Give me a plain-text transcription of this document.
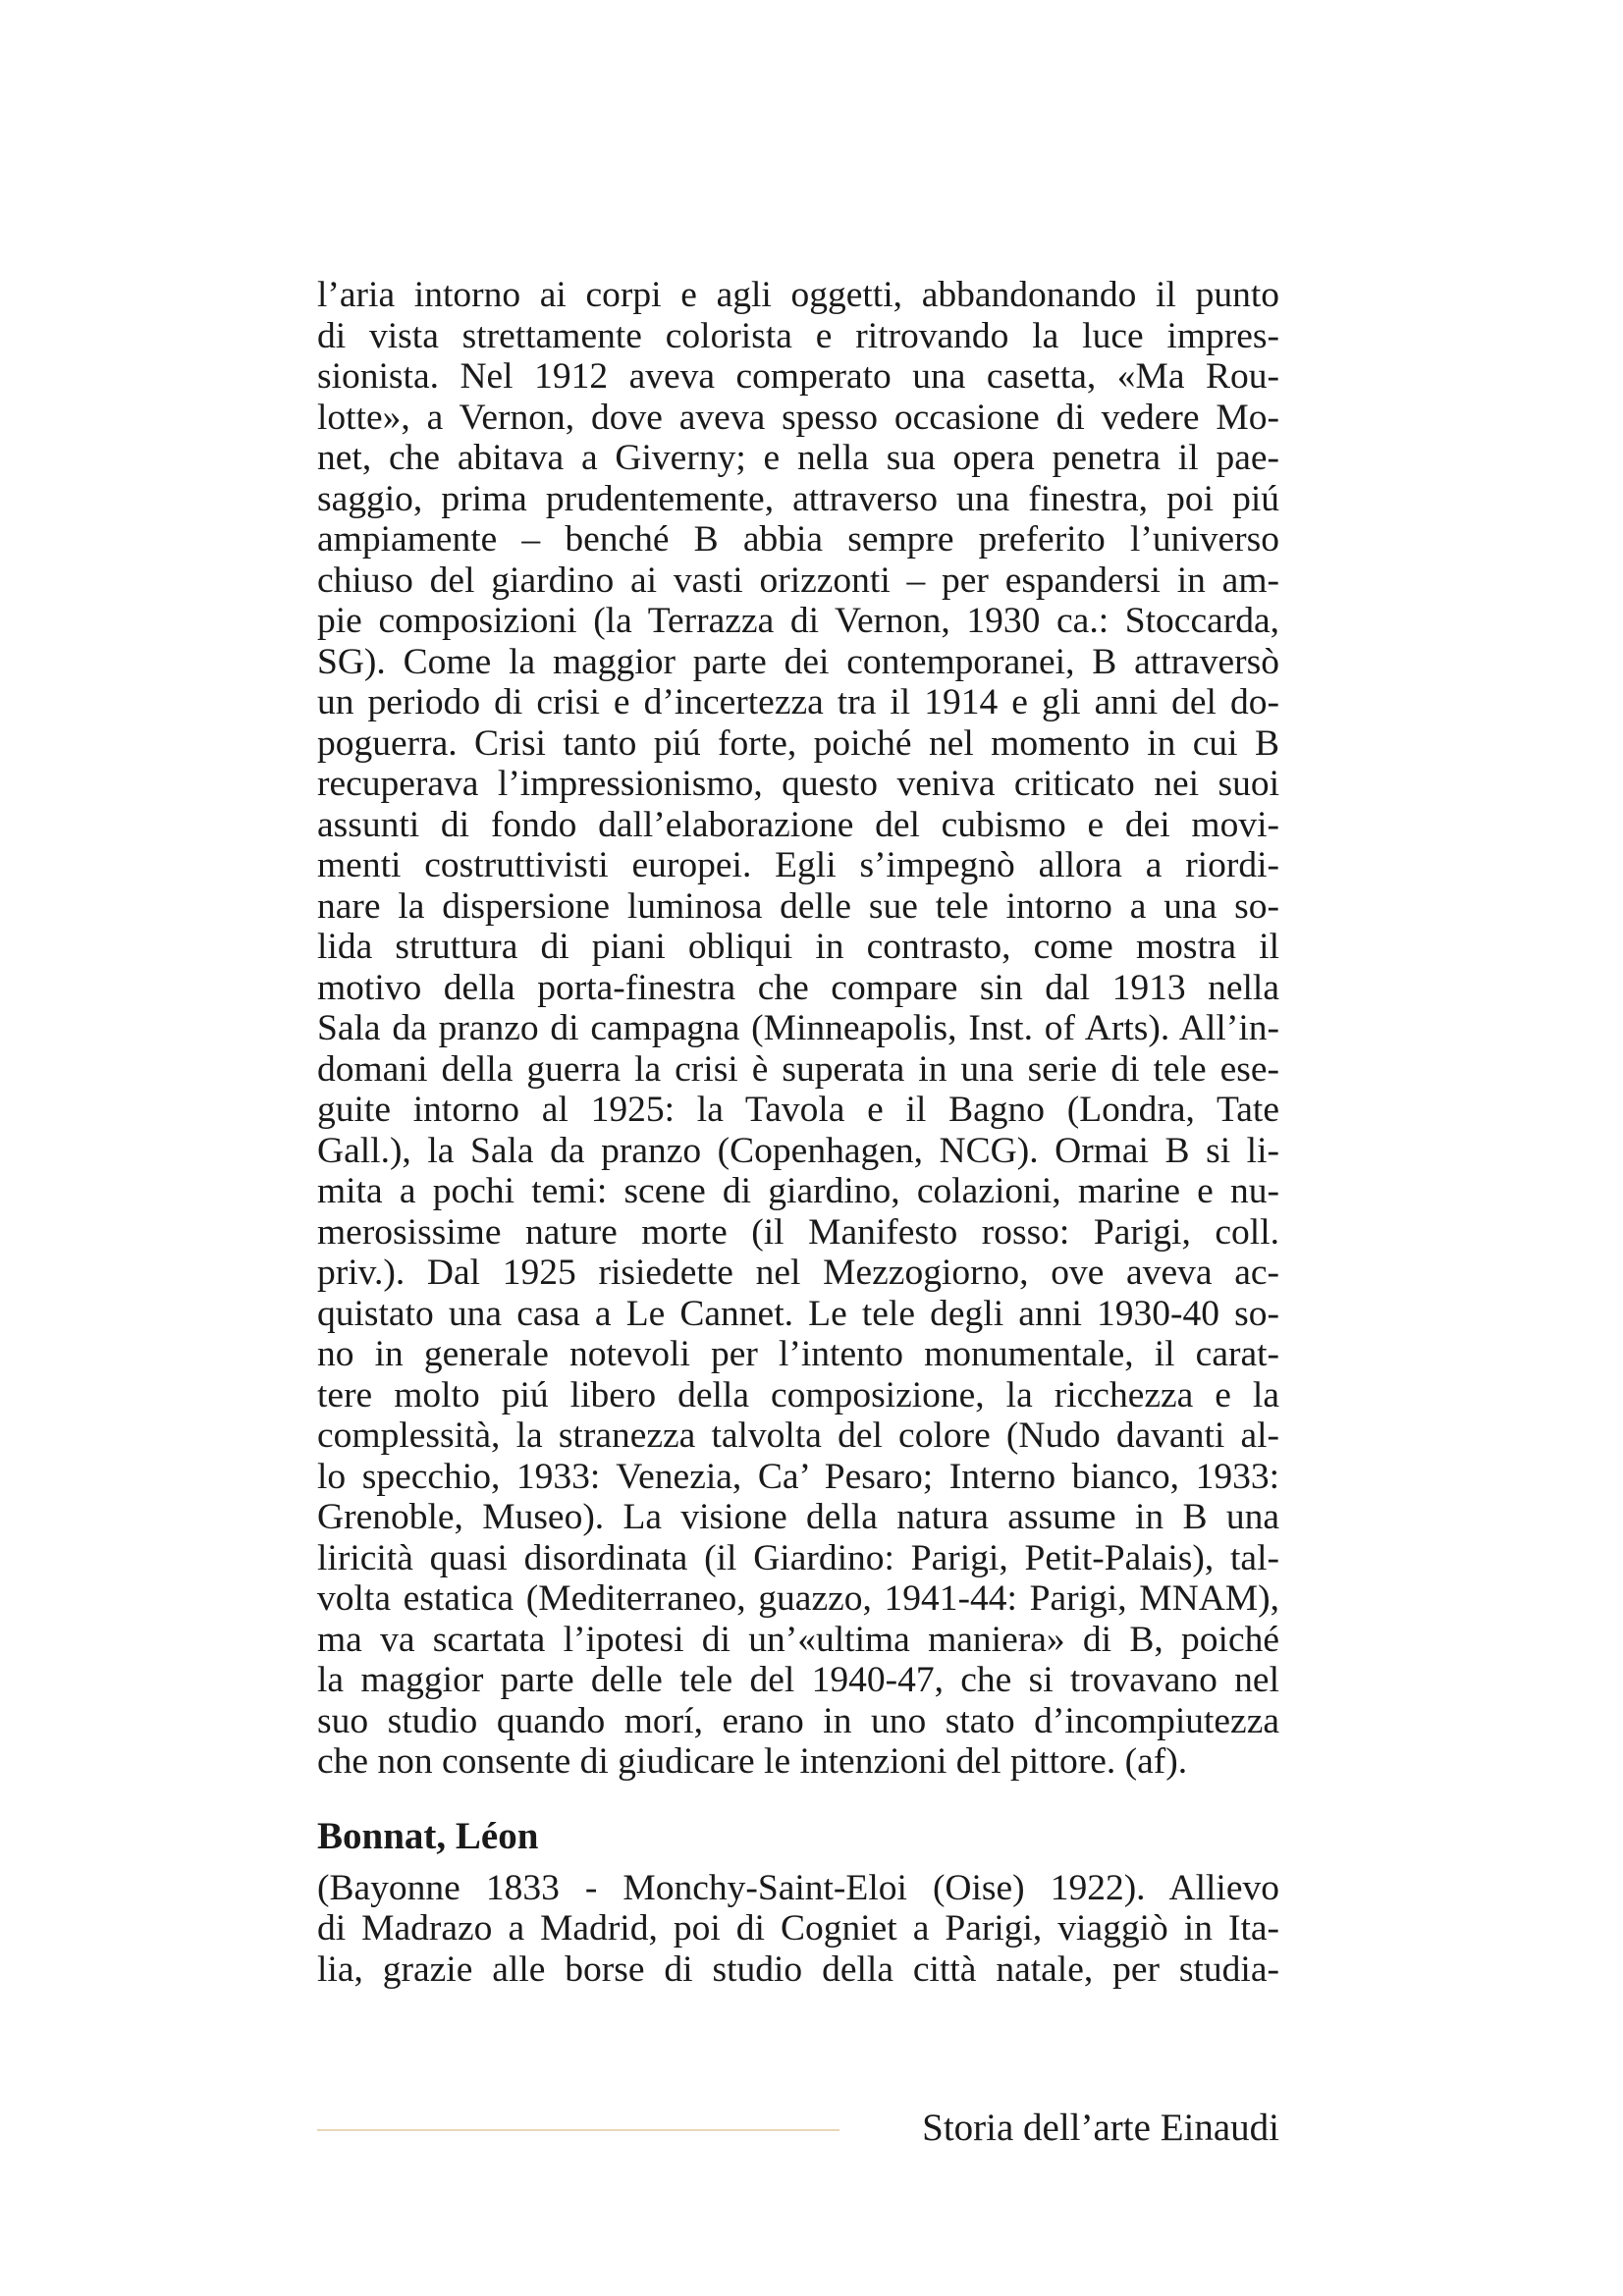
l’aria intorno ai corpi e agli oggetti, abbandonando il punto
di vista strettamente colorista e ritrovando la luce impres-
sionista. Nel 1912 aveva comperato una casetta, «Ma Rou-
lotte», a Vernon, dove aveva spesso occasione di vedere Mo-
net, che abitava a Giverny; e nella sua opera penetra il pae-
saggio, prima prudentemente, attraverso una finestra, poi piú
ampiamente – benché B abbia sempre preferito l’universo
chiuso del giardino ai vasti orizzonti – per espandersi in am-
pie composizioni (la Terrazza di Vernon, 1930 ca.: Stoccarda,
SG). Come la maggior parte dei contemporanei, B attraversò
un periodo di crisi e d’incertezza tra il 1914 e gli anni del do-
poguerra. Crisi tanto piú forte, poiché nel momento in cui B
recuperava l’impressionismo, questo veniva criticato nei suoi
assunti di fondo dall’elaborazione del cubismo e dei movi-
menti costruttivisti europei. Egli s’impegnò allora a riordi-
nare la dispersione luminosa delle sue tele intorno a una so-
lida struttura di piani obliqui in contrasto, come mostra il
motivo della porta-finestra che compare sin dal 1913 nella
Sala da pranzo di campagna (Minneapolis, Inst. of Arts). All’in-
domani della guerra la crisi è superata in una serie di tele ese-
guite intorno al 1925: la Tavola e il Bagno (Londra, Tate
Gall.), la Sala da pranzo (Copenhagen, NCG). Ormai B si li-
mita a pochi temi: scene di giardino, colazioni, marine e nu-
merosissime nature morte (il Manifesto rosso: Parigi, coll.
priv.). Dal 1925 risiedette nel Mezzogiorno, ove aveva ac-
quistato una casa a Le Cannet. Le tele degli anni 1930-40 so-
no in generale notevoli per l’intento monumentale, il carat-
tere molto piú libero della composizione, la ricchezza e la
complessità, la stranezza talvolta del colore (Nudo davanti al-
lo specchio, 1933: Venezia, Ca’ Pesaro; Interno bianco, 1933:
Grenoble, Museo). La visione della natura assume in B una
liricità quasi disordinata (il Giardino: Parigi, Petit-Palais), tal-
volta estatica (Mediterraneo, guazzo, 1941-44: Parigi, MNAM),
ma va scartata l’ipotesi di un’«ultima maniera» di B, poiché
la maggior parte delle tele del 1940-47, che si trovavano nel
suo studio quando morí, erano in uno stato d’incompiutezza
che non consente di giudicare le intenzioni del pittore. (af).
Bonnat, Léon
(Bayonne 1833 - Monchy-Saint-Eloi (Oise) 1922). Allievo
di Madrazo a Madrid, poi di Cogniet a Parigi, viaggiò in Ita-
lia, grazie alle borse di studio della città natale, per studia-
Storia dell’arte Einaudi
